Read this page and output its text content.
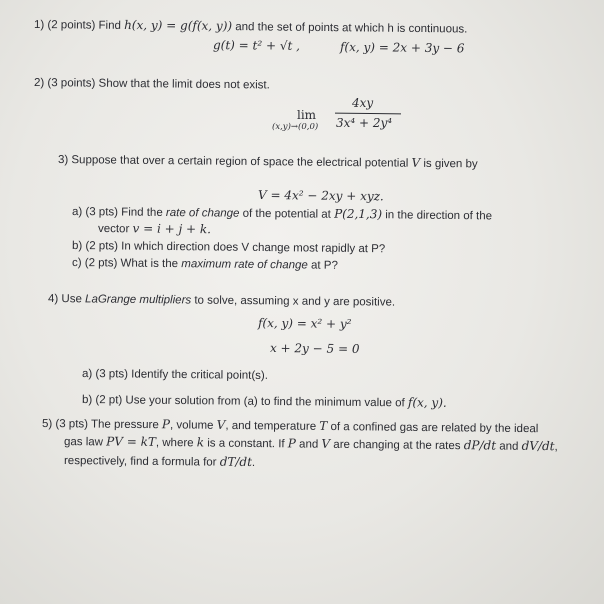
1) (2 points) Find h(x, y) = g(f(x, y)) and the set of points at which h is continuous.
g(t) = t² + √t ,	f(x, y) = 2x + 3y − 6
2) (3 points) Show that the limit does not exist.
4xy
lim
(x,y)→(0,0) 3x⁴ + 2y⁴
3) Suppose that over a certain region of space the electrical potential V is given by
V = 4x² − 2xy + xyz.
a) (3 pts) Find the rate of change of the potential at P(2,1,3) in the direction of the
vector v = i + j + k.
b) (2 pts) In which direction does V change most rapidly at P?
c) (2 pts) What is the maximum rate of change at P?
4) Use LaGrange multipliers to solve, assuming x and y are positive.
f(x, y) = x² + y²
x + 2y − 5 = 0
a) (3 pts) Identify the critical point(s).
b) (2 pt) Use your solution from (a) to find the minimum value of f(x, y).
5) (3 pts) The pressure P, volume V, and temperature T of a confined gas are related by the ideal
gas law PV = kT, where k is a constant. If P and V are changing at the rates dP/dt and dV/dt,
respectively, find a formula for dT/dt.
